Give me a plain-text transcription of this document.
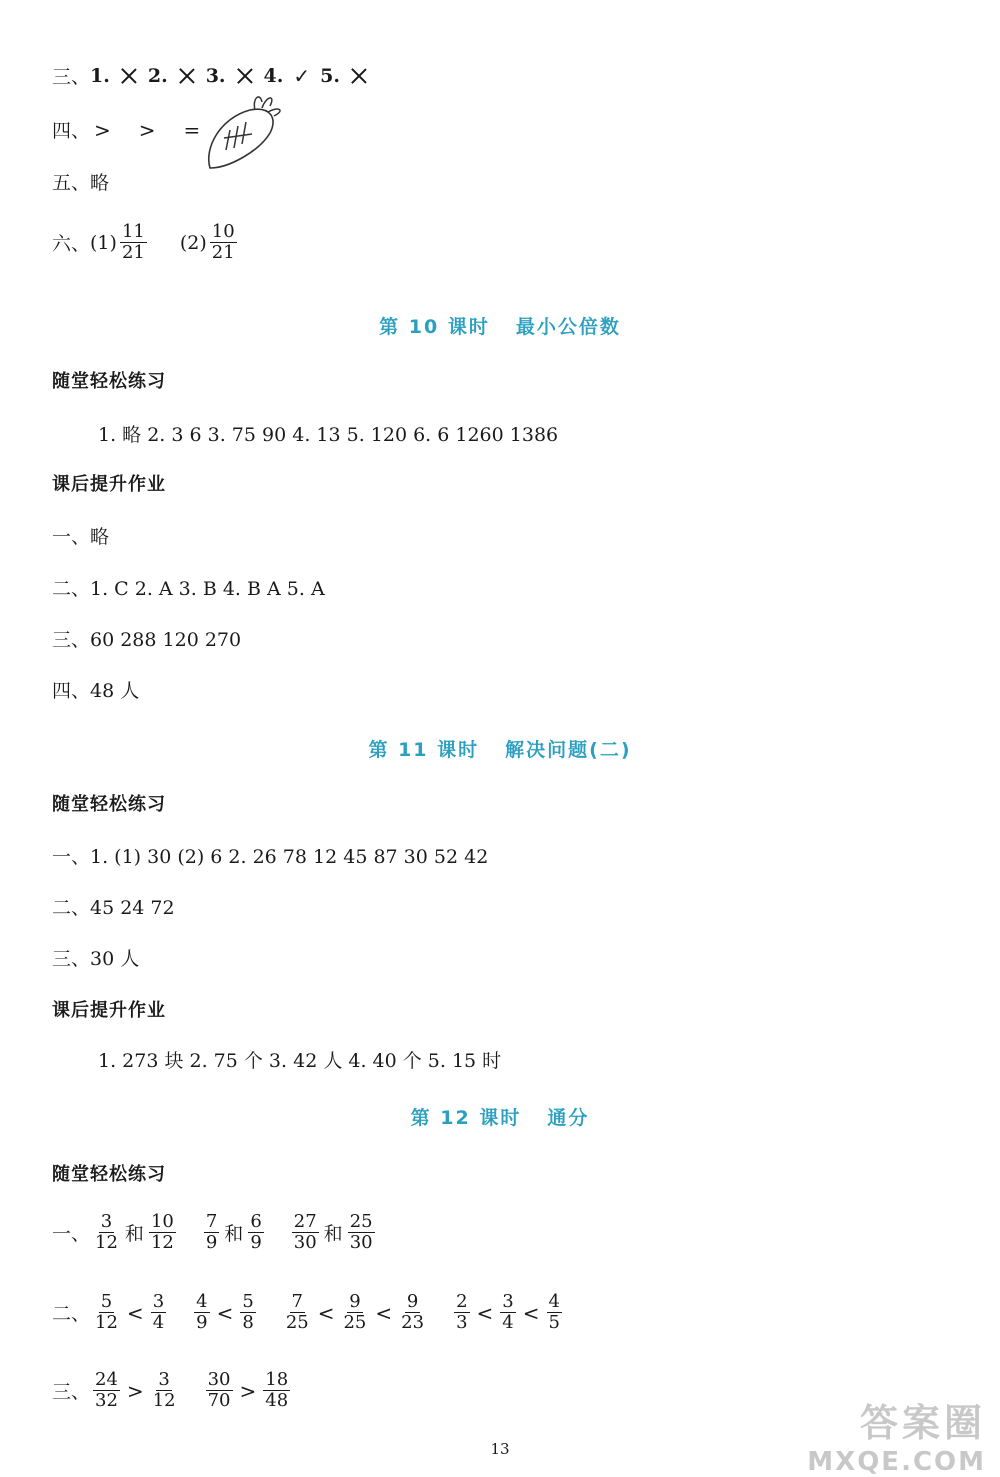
三、 1. 2. 3. 4. ✓ 5.
四、 > > =
五、略
六、 $(1) \frac{11}{21} (2) \frac{10}{21}$
第 10 课时 最小公倍数
随堂轻松练习
1. 略 2. 3 6 3. 75 90 4. 13 5. 120 6. 6 1260 1386
课后提升作业
一、略
二、1. C 2. A 3. B 4. B A 5. A
三、60 288 120 270
四、48 人
第 11 课时 解决问题(二)
随堂轻松练习
一、1. (1) 30 (2) 6 2. 26 78 12 45 87 30 52 42
二、45 24 72
三、30 人
课后提升作业
1. 273 块 2. 75 个 3. 42 人 4. 40 个 5. 15 时
第 12 课时 通分
随堂轻松练习
一、 $\frac{3}{12}$ 和 $\frac{10}{12} \frac{7}{9}$ 和 $\frac{6}{9} \frac{27}{30}$ 和 $\frac{25}{30}$
二、 $\frac{5}{12} < \frac{3}{4} \frac{4}{9} < \frac{5}{8} \frac{7}{25} < \frac{9}{25} < \frac{9}{23} \frac{2}{3} < \frac{3}{4} < \frac{4}{5}$
三、 $\frac{24}{32} > \frac{3}{12} \frac{30}{70} > \frac{18}{48}$
13
答案圈
MXQE.COM
